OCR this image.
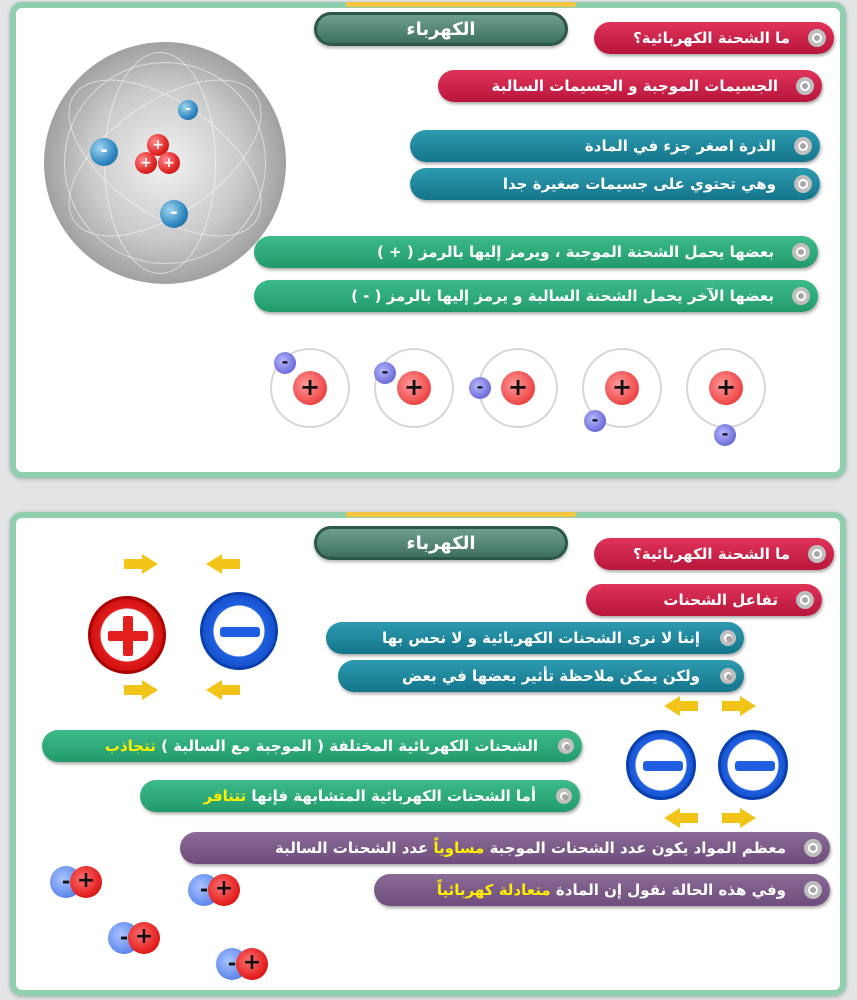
الكهرباء
+
+ +
-
-
-
ما الشحنة الكهربائية؟
الجسيمات الموجبة و الجسيمات السالبة
الذرة اصغر جزء في المادة
وهي تحتوي على جسيمات صغيرة جدا
بعضها يحمل الشحنة الموجبة ، ويرمز إليها بالرمز ( + )
بعضها الآخر يحمل الشحنة السالبة و يرمز إليها بالرمز ( - )
+
-
+
-
+
-	+
-
+
-
الكهرباء	ما الشحنة الكهربائية؟
تفاعل الشحنات
إننا لا نرى الشحنات الكهربائية و لا نحس بها
ولكن يمكن ملاحظة تأثير بعضها في بعض
الشحنات الكهربائية المختلفة ( الموجبة مع السالبة ) تتجاذب
أما الشحنات الكهربائية المتشابهة فإنها تتنافر
معظم المواد يكون عدد الشحنات الموجبة مساوياً عدد الشحنات السالبة
وفي هذه الحالة نقول إن المادة متعادلة كهربائياً
- +	- +
- +
- +
